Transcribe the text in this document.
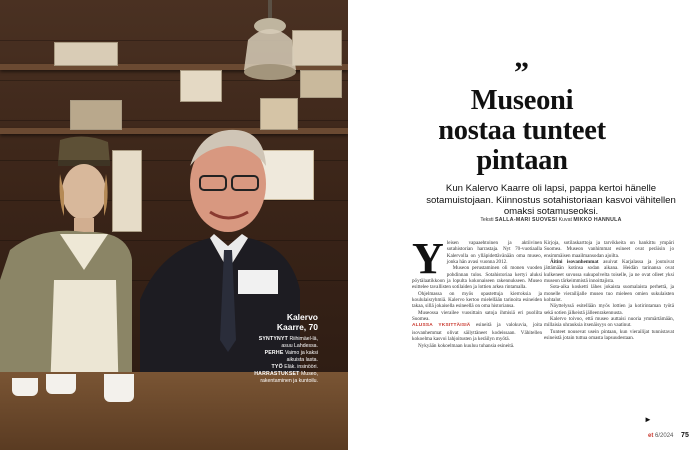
Kalervo
Kaarre, 70
SYNTYNYT Riihimäel-lä, asuu Lahdessa.
PERHE Vaimo ja kaksi aikuista lasta.
TYÖ Eläk. insinööri.
HARRASTUKSET Museo, rakentaminen ja kuntoilu.
”
Museoni
nostaa tunteet
pintaan
Kun Kalervo Kaarre oli lapsi, pappa kertoi hänelle sotamuistojaan. Kiinnostus sotahistoriaan kasvoi vähitellen omaksi sotamuseoksi.
Teksti SALLA-MARI SUOVESI Kuvat MIKKO HANNULA

Yleisen vapaaehtoinen ja aktiivinen sotahistorian harrastaja. Nyt 70-vuotiaalla Kalervolla on ylläpidettävänään oma museo, jonka hän avasi vuonna 2012.

Museon perustaminen oli monen vuoden pohdinnan tulos. Sotahistoriaa kertyi aluksi pöytälaatikkoon ja lopulta kokonaiseen rakennukseen. Museo esittelee tavallisten sotilaiden ja lottien arkea rintamalla.

Ohjelmassa on myös opastettuja kierroksia ja koululaisryhmiä. Kalervo kertoo mielellään tarinoita esineiden takaa, sillä jokaisella esineellä on oma historiansa.

Museossa vierailee vuosittain satoja ihmisiä eri puolilta Suomea.

ALUSSA YKSITTÄISIÄ esineitä ja valokuvia, joita isovanhemmat olivat säilyttäneet kodeissaan. Vähitellen kokoelma kasvoi lahjoitusten ja keräilyn myötä.

Nykyään kokoelmaan kuuluu tuhansia esineitä.

Kirjoja, sotilaskarttoja ja tarvikkeita on hankittu ympäri Suomea. Museon vanhimmat esineet ovat peräisin jo ensimmäisen maailmansodan ajoilta.

Äitini isovanhemmat asuivat Karjalassa ja joutuivat jättämään kotinsa sodan aikana. Heidän tarinansa ovat kulkeneet suvussa sukupolvelta toiselle, ja ne ovat olleet yksi museon tärkeimmistä innoittajista.

Sota-aika kosketti lähes jokaista suomalaista perhettä, ja monelle vierailijalle museo tuo mieleen omien sukulaisten kohtalot.

Näyttelyssä esitellään myös lottien ja kotirintaman työtä sekä sotien jälkeistä jälleenrakennusta.

Kalervo toivoo, että museo auttaisi nuoria ymmärtämään, millaisia uhrauksia itsenäisyys on vaatinut.

Tunteet nousevat usein pintaan, kun vierailijat tunnistavat esineistä jotain tuttua omasta lapsuudestaan.

►
et 6/2024 75
